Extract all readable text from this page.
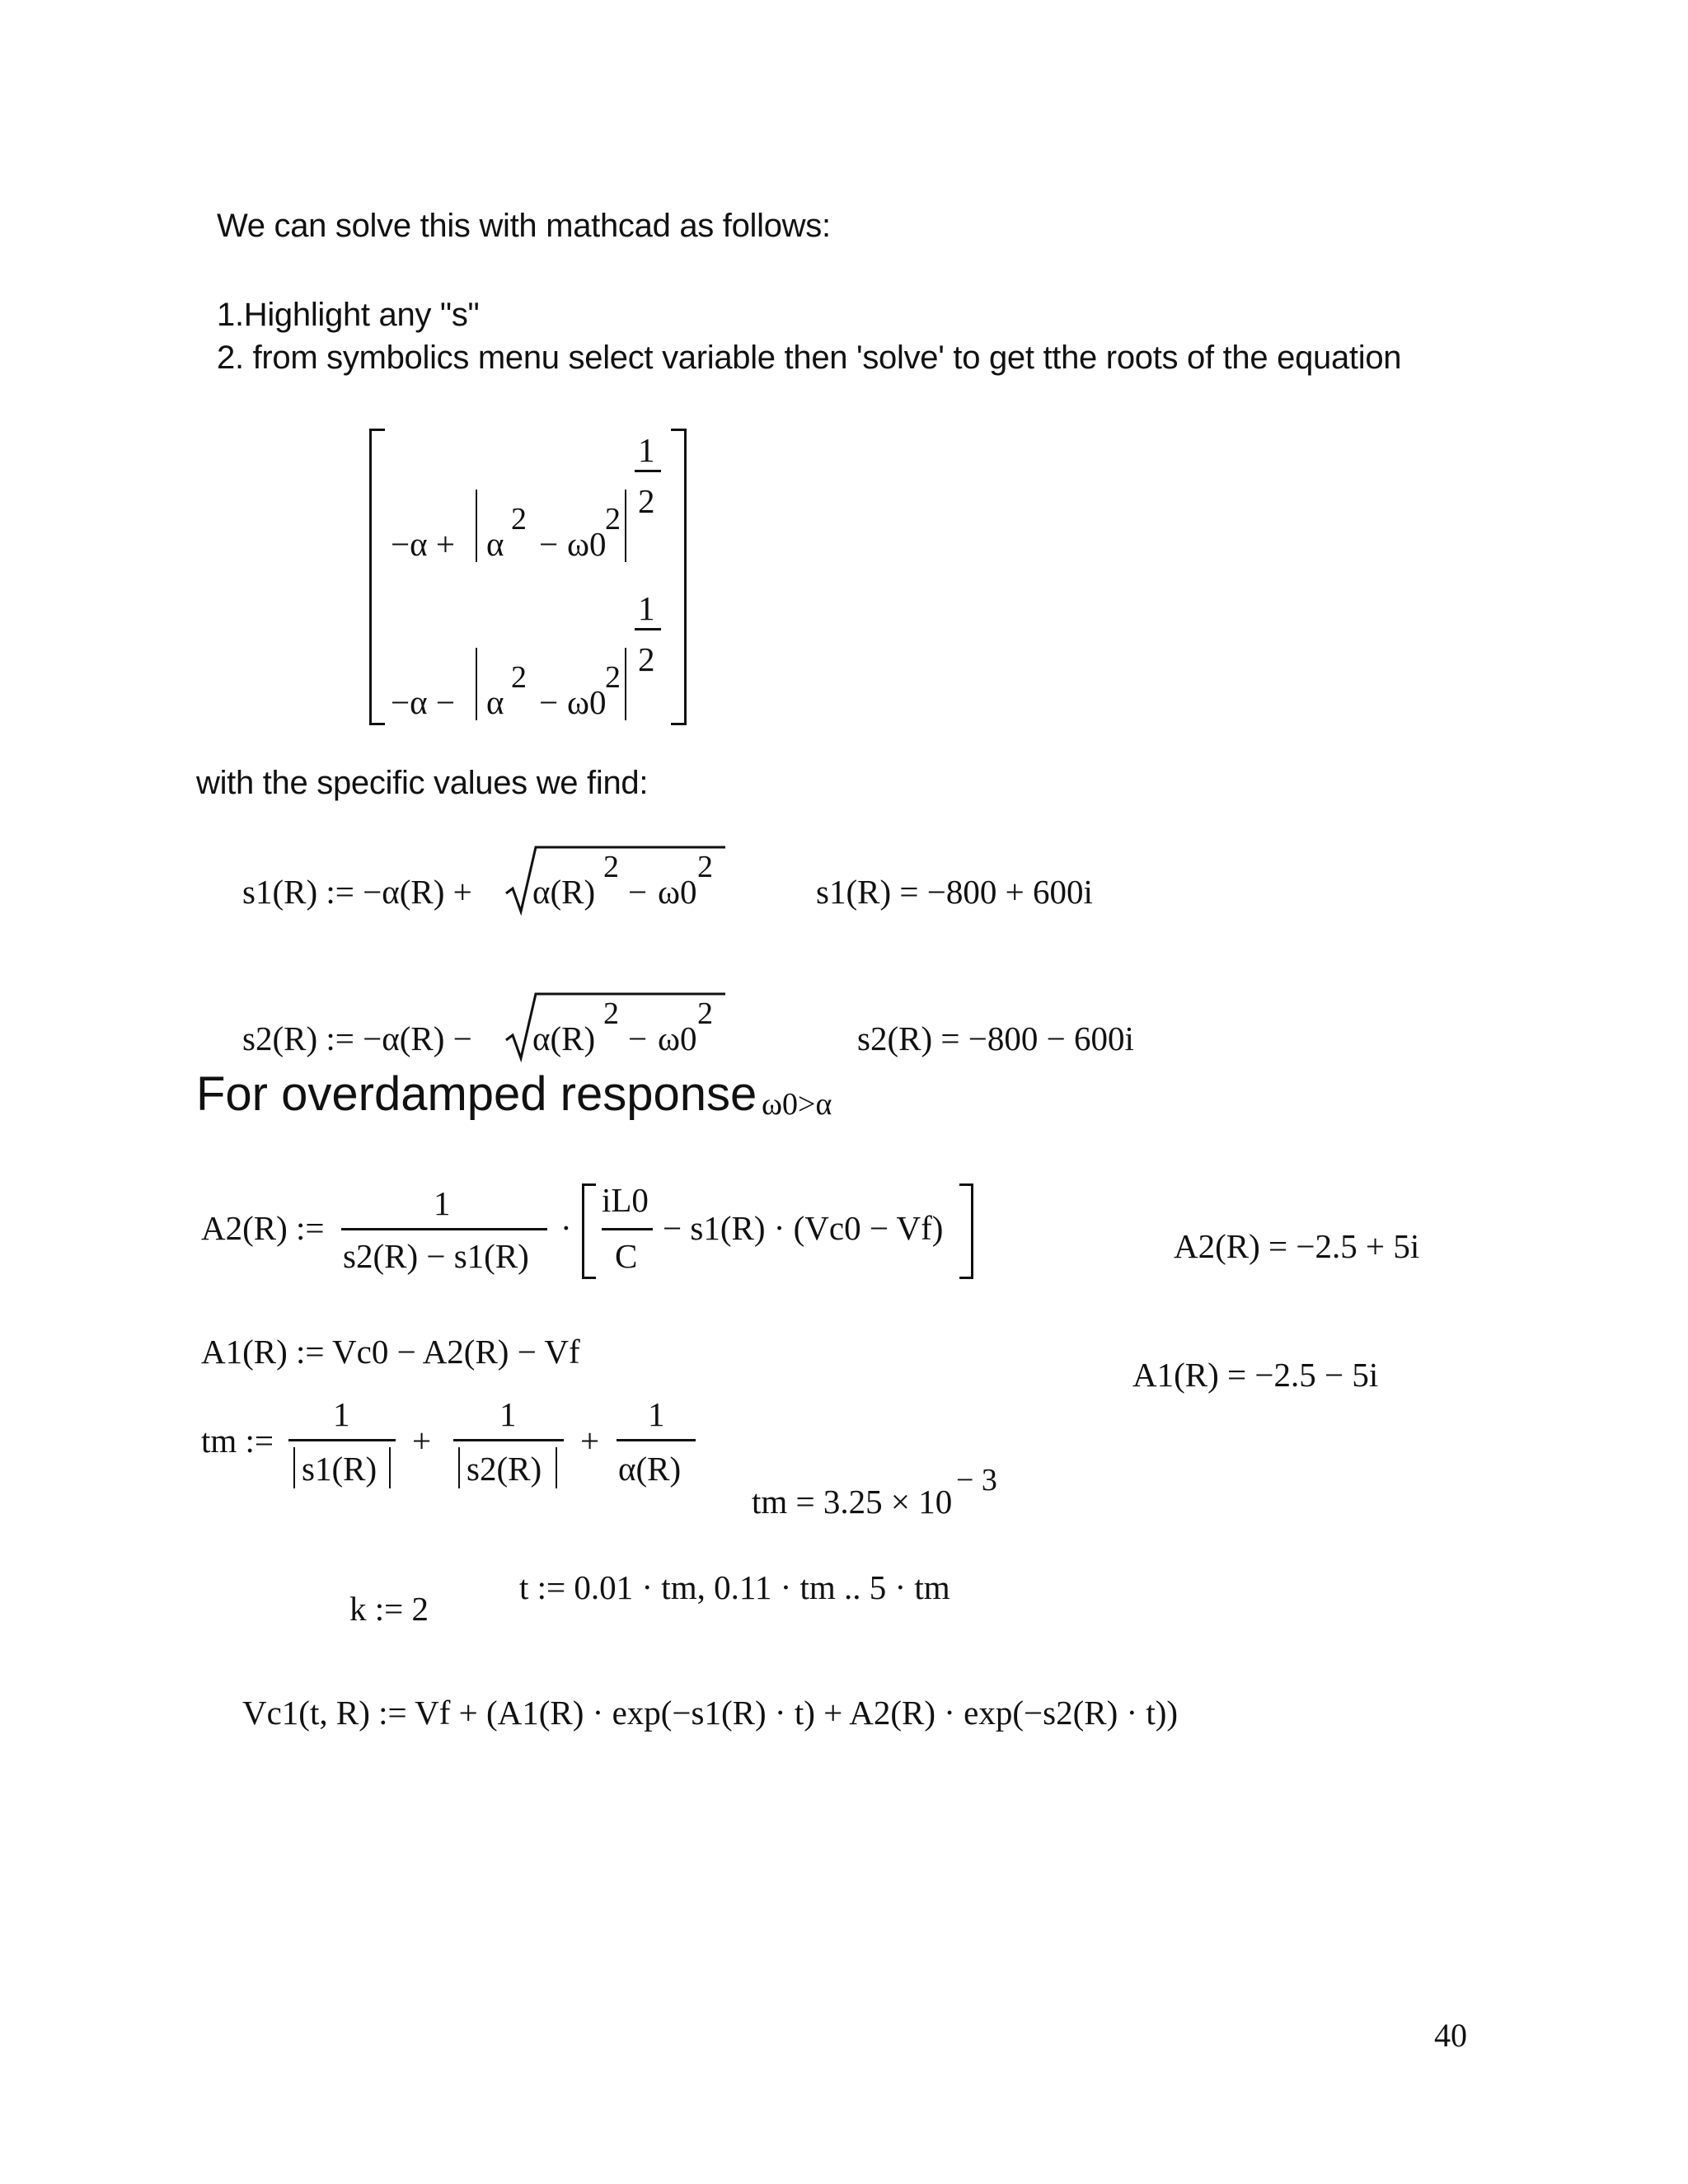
We can solve this with mathcad as follows:
1.Highlight any "s"
2. from symbolics menu select variable then 'solve' to get tthe roots of the equation
−α + α
2
− ω0
2
1
2
−α − α
2
− ω0
2
1
2
with the specific values we find:
s1(R) := −α(R) + α(R)
2
− ω0
2
s1(R) = −800 + 600i
s2(R) := −α(R) − α(R)
2
− ω0
2
s2(R) = −800 − 600i
For overdamped response ω0>α
A2(R) :=
1
s2(R) − s1(R)
·
iL0
C
− s1(R) · (Vc0 − Vf)	A2(R) = −2.5 + 5i
A1(R) := Vc0 − A2(R) − Vf
A1(R) = −2.5 − 5i
tm :=
1
s1(R)
+
1
s2(R)
+
1
α(R)
tm = 3.25 × 10
− 3
k := 2
t := 0.01 · tm, 0.11 · tm .. 5 · tm
Vc1(t, R) := Vf + (A1(R) · exp(−s1(R) · t) + A2(R) · exp(−s2(R) · t))
40
